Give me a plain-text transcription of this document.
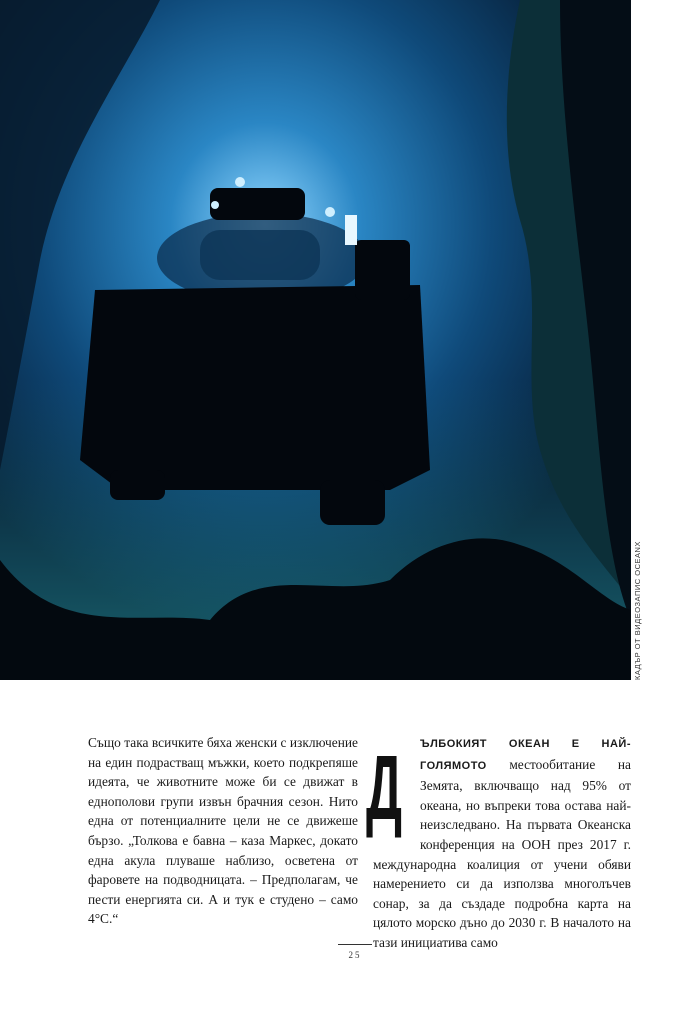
КАДЪР ОТ ВИДЕОЗАПИС OCEANX

Също така всичките бяха женски с изключение на един подрастващ мъжки, което подкрепяше идеята, че животните може би се движат в еднополови групи извън брачния сезон. Нито една от потенциалните цели не се движеше бързо. „Толкова е бавна – каза Маркес, докато една акула плуваше наблизо, осветена от фаровете на подводницата. – Предполагам, че пести енергията си. А и тук е студено – само 4°C.“

Д	ЪЛБОКИЯТ ОКЕАН Е НАЙ-ГОЛЯМОТО местообитание на Земята, включващо над 95% от океана, но въпреки това остава най-неизследвано. На първата Океанска конференция на ООН през 2017 г. международна коалиция от учени обяви намерението си да използва многолъчев сонар, за да създаде подробна карта на цялото морско дъно до 2030 г. В началото на тази инициатива само

25
